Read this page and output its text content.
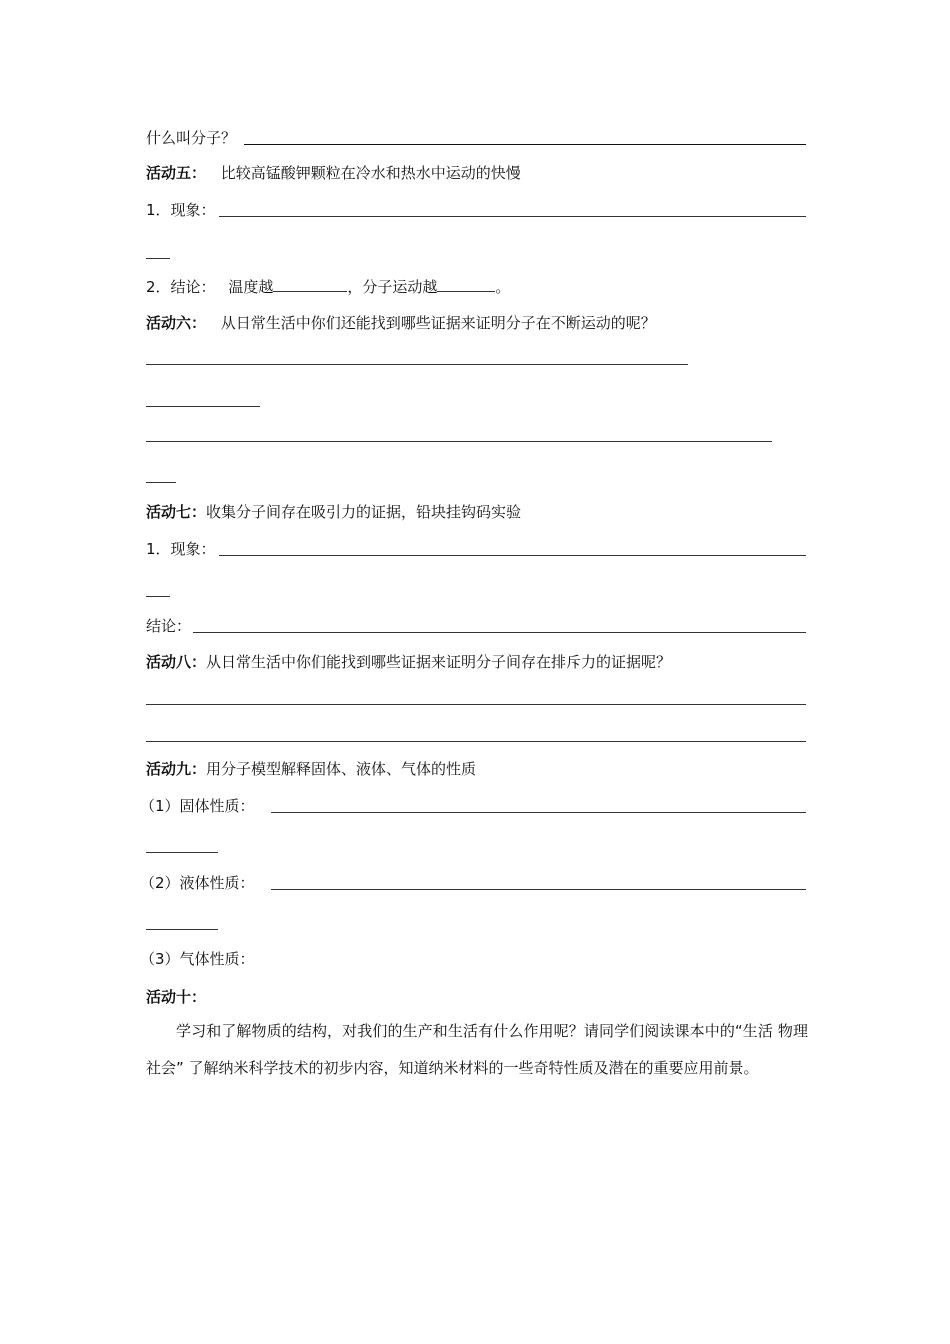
什么叫分子？
活动五： 比较高锰酸钾颗粒在冷水和热水中运动的快慢
1．现象：
2．结论： 温度越	，分子运动越	。
活动六： 从日常生活中你们还能找到哪些证据来证明分子在不断运动的呢？
活动七：收集分子间存在吸引力的证据，铅块挂钩码实验
1．现象：
结论：
活动八：从日常生活中你们能找到哪些证据来证明分子间存在排斥力的证据呢？
活动九：用分子模型解释固体、液体、气体的性质
（1）固体性质：
（2）液体性质：
（3）气体性质：
活动十：
学习和了解物质的结构，对我们的生产和生活有什么作用呢？请同学们阅读课本中的“生活 物理 社会” 了解纳米科学技术的初步内容，知道纳米材料的一些奇特性质及潜在的重要应用前景。
